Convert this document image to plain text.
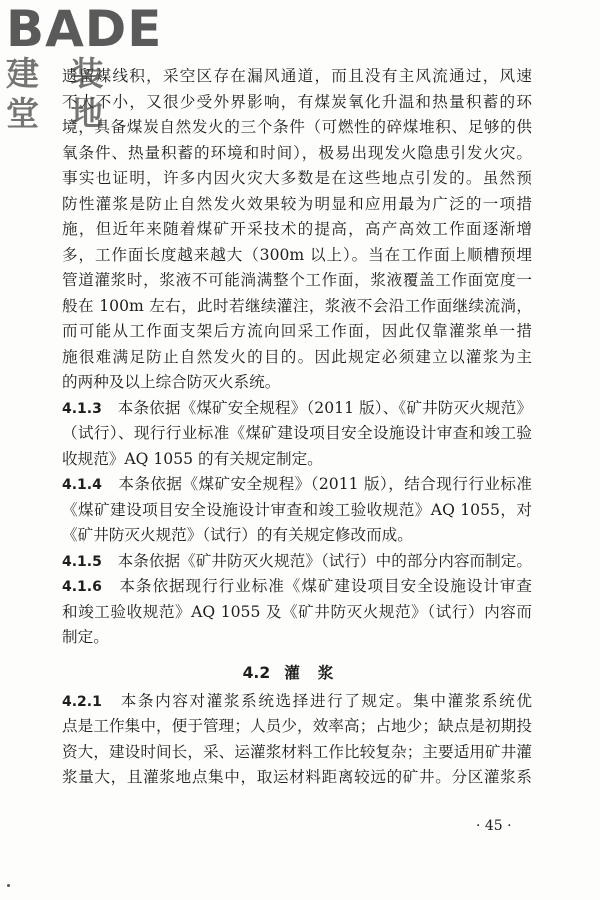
BADE
建 装 堂 地

遗留煤线积，采空区存在漏风通道，而且没有主风流通过，风速

不大不小，又很少受外界影响，有煤炭氧化升温和热量积蓄的环

境，具备煤炭自然发火的三个条件（可燃性的碎煤堆积、足够的供

氧条件、热量积蓄的环境和时间），极易出现发火隐患引发火灾。

事实也证明，许多内因火灾大多数是在这些地点引发的。虽然预

防性灌浆是防止自然发火效果较为明显和应用最为广泛的一项措

施，但近年来随着煤矿开采技术的提高，高产高效工作面逐渐增

多，工作面长度越来越大（300m 以上）。当在工作面上顺槽预埋

管道灌浆时，浆液不可能淌满整个工作面，浆液覆盖工作面宽度一

般在 100m 左右，此时若继续灌注，浆液不会沿工作面继续流淌，

而可能从工作面支架后方流向回采工作面，因此仅靠灌浆单一措

施很难满足防止自然发火的目的。因此规定必须建立以灌浆为主

的两种及以上综合防灭火系统。

4.1.3　 本条依据《煤矿安全规程》（2011 版）、《矿井防灭火规范》

（试行）、现行行业标准《煤矿建设项目安全设施设计审查和竣工验

收规范》AQ 1055 的有关规定制定。

4.1.4　 本条依据《煤矿安全规程》（2011 版），结合现行行业标准

《煤矿建设项目安全设施设计审查和竣工验收规范》AQ 1055，对

《矿井防灭火规范》（试行）的有关规定修改而成。

4.1.5　 本条依据《矿井防灭火规范》（试行）中的部分内容而制定。

4.1.6　 本条依据现行行业标准《煤矿建设项目安全设施设计审查

和竣工验收规范》AQ 1055 及《矿井防灭火规范》（试行）内容而

制定。

4.2 灌浆

4.2.1　 本条内容对灌浆系统选择进行了规定。集中灌浆系统优

点是工作集中，便于管理；人员少，效率高；占地少；缺点是初期投

资大，建设时间长，采、运灌浆材料工作比较复杂；主要适用矿井灌

浆量大，且灌浆地点集中，取运材料距离较远的矿井。分区灌浆系

· 45 ·
